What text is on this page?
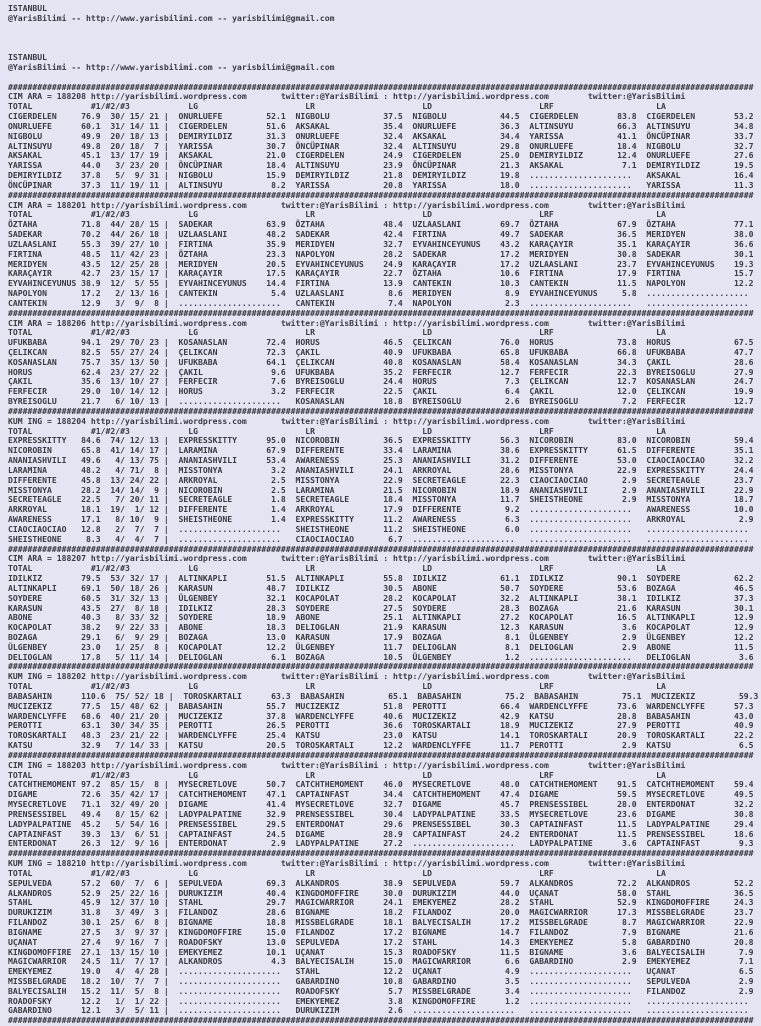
ISTANBUL
@YarisBilimi -- http://www.yarisbilimi.com -- yarisbilimi@gmail.com
ISTANBUL
@YarisBilimi -- http://www.yarisbilimi.com -- yarisbilimi@gmail.com
#########################################################################################################################################################
CIM ARA = 188208 http://yarisbilimi.wordpress.com       twitter:@YarisBilimi : http://yarisbilimi.wordpress.com        twitter:@YarisBilimi
TOTAL            #1/#2/#3            LG                      LR                      LD                      LRF                     LA
CIGERDELEN     76.9  30/ 15/ 21 |  ONURLUEFE         52.1  NIGBOLU           37.5  NIGBOLU           44.5  CIGERDELEN        83.8  CIGERDELEN        53.2
ONURLUEFE      60.1  31/ 14/ 11 |  CIGERDELEN        51.6  AKSAKAL           35.4  ONURLUEFE         36.3  ALTINSUYU         66.3  ALTINSUYU         34.8
NIGBOLU        49.9  20/ 18/ 13 |  DEMIRYILDIZ       31.3  ONURLUEFE         32.4  AKSAKAL           34.4  YARISSA           41.1  ÖNCÜPINAR         33.7
ALTINSUYU      49.8  20/ 18/  7 |  YARISSA           30.7  ÖNCÜPINAR         32.4  ALTINSUYU         29.8  ONURLUEFE         18.4  NIGBOLU           32.7
AKSAKAL        45.1  13/ 17/ 19 |  AKSAKAL           21.0  CIGERDELEN        24.9  CIGERDELEN        25.0  DEMIRYILDIZ       12.4  ONURLUEFE         27.6
YARISSA        44.0   3/ 23/ 20 |  ÖNCÜPINAR         18.4  ALTINSUYU         23.9  ÖNCÜPINAR         21.3  AKSAKAL            7.1  DEMIRYILDIZ       19.5
DEMIRYILDIZ    37.8   5/  9/ 31 |  NIGBOLU           15.9  DEMIRYILDIZ       21.8  DEMIRYILDIZ       19.8  .....................   AKSAKAL           16.4
ÖNCÜPINAR      37.3  11/ 19/ 11 |  ALTINSUYU          8.2  YARISSA           20.8  YARISSA           18.0  .....................   YARISSA           11.3
#########################################################################################################################################################
CIM ARA = 188201 http://yarisbilimi.wordpress.com       twitter:@YarisBilimi : http://yarisbilimi.wordpress.com        twitter:@YarisBilimi
TOTAL            #1/#2/#3            LG                      LR                      LD                      LRF                     LA
ÖZTAHA         71.8  44/ 28/ 15 |  SADEKAR           63.9  ÖZTAHA            48.4  UZLAASLANI        69.7  ÖZTAHA            67.9  ÖZTAHA            77.1
SADEKAR        70.2  44/ 26/ 18 |  UZLAASLANI        48.2  SADEKAR           42.4  FIRTINA           49.7  SADEKAR           36.5  MERIDYEN          38.0
UZLAASLANI     55.3  39/ 27/ 10 |  FIRTINA           35.9  MERIDYEN          32.7  EYVAHINCEYUNUS    43.2  KARAÇAYIR         35.1  KARAÇAYIR         36.6
FIRTINA        48.5  11/ 42/ 23 |  ÖZTAHA            23.3  NAPOLYON          28.2  SADEKAR           17.2  MERIDYEN          30.8  SADEKAR           30.1
MERIDYEN       43.5  12/ 25/ 28 |  MERIDYEN          20.5  EYVAHINCEYUNUS    24.9  KARAÇAYIR         17.2  UZLAASLANI        23.7  EYVAHINCEYUNUS    19.3
KARAÇAYIR      42.7  23/ 15/ 17 |  KARAÇAYIR         17.5  KARAÇAYIR         22.7  ÖZTAHA            10.6  FIRTINA           17.9  FIRTINA           15.7
EYVAHINCEYUNUS 38.9  12/  5/ 55 |  EYVAHINCEYUNUS    14.4  FIRTINA           13.9  CANTEKIN          10.3  CANTEKIN          11.5  NAPOLYON          12.2
NAPOLYON       17.2   2/ 13/ 16 |  CANTEKIN           5.4  UZLAASLANI         8.6  MERIDYEN           8.9  EYVAHINCEYUNUS     5.8  .....................
CANTEKIN       12.9   3/  9/  8 |  .....................   CANTEKIN           7.4  NAPOLYON           2.3  .....................   .....................
#########################################################################################################################################################
CIM ARA = 188206 http://yarisbilimi.wordpress.com       twitter:@YarisBilimi : http://yarisbilimi.wordpress.com        twitter:@YarisBilimi
TOTAL            #1/#2/#3            LG                      LR                      LD                      LRF                     LA
UFUKBABA       94.1  29/ 70/ 23 |  KOSANASLAN        72.4  HORUS             46.5  ÇELIKCAN          76.0  HORUS             73.8  HORUS             67.5
ÇELIKCAN       82.5  55/ 27/ 24 |  ÇELIKCAN          72.3  ÇAKIL             40.9  UFUKBABA          65.8  UFUKBABA          66.8  UFUKBABA          47.7
KOSANASLAN     75.7  35/ 13/ 50 |  UFUKBABA          64.1  ÇELIKCAN          40.8  KOSANASLAN        58.4  KOSANASLAN        34.3  ÇAKIL             28.6
HORUS          62.4  23/ 27/ 22 |  ÇAKIL              9.6  UFUKBABA          35.2  FERFECIR          12.7  FERFECIR          22.3  BYREISOGLU        27.9
ÇAKIL          35.6  13/ 10/ 27 |  FERFECIR           7.6  BYREISOGLU        24.4  HORUS              7.3  ÇELIKCAN          12.7  KOSANASLAN        24.7
FERFECIR       29.0  10/ 14/ 12 |  HORUS              3.2  FERFECIR          22.5  ÇAKIL              6.4  ÇAKIL             12.0  ÇELIKCAN          19.9
BYREISOGLU     21.7   6/ 10/ 13 |  .....................   KOSANASLAN        18.8  BYREISOGLU         2.6  BYREISOGLU         7.2  FERFECIR          12.7
#########################################################################################################################################################
KUM ING = 188204 http://yarisbilimi.wordpress.com       twitter:@YarisBilimi : http://yarisbilimi.wordpress.com        twitter:@YarisBilimi
TOTAL            #1/#2/#3            LG                      LR                      LD                      LRF                     LA
EXPRESSKITTY   84.6  74/ 12/ 13 |  EXPRESSKITTY      95.0  NICOROBIN         36.5  EXPRESSKITTY      56.3  NICOROBIN         83.0  NICOROBIN         59.4
NICOROBIN      65.8  41/ 14/ 17 |  LARAMINA          67.9  DIFFERENTE        33.4  LARAMINA          38.6  EXPRESSKITTY      61.5  DIFFERENTE        35.1
ANANIASHVILI   49.6   4/ 13/ 75 |  ANANIASHVILI      53.4  AWARENESS         25.3  ANANIASHVILI      31.2  DIFFERENTE        53.0  CIAOCIAOCIAO      32.2
LARAMINA       48.2   4/ 71/  8 |  MISSTONYA          3.2  ANANIASHVILI      24.1  ARKROYAL          28.6  MISSTONYA         22.9  EXPRESSKITTY      24.4
DIFFERENTE     45.8  13/ 24/ 22 |  ARKROYAL           2.5  MISSTONYA         22.9  SECRETEAGLE       22.3  CIAOCIAOCIAO       2.9  SECRETEAGLE       23.7
MISSTONYA      28.2  14/ 14/  9 |  NICOROBIN          2.5  LARAMINA          21.5  NICOROBIN         18.9  ANANIASHVILI       2.9  ANANIASHVILI      22.9
SECRETEAGLE    22.5   7/ 20/ 11 |  SECRETEAGLE        1.8  SECRETEAGLE       18.4  MISSTONYA         11.7  SHEISTHEONE        2.9  MISSTONYA         18.7
ARKROYAL       18.1  19/  1/ 12 |  DIFFERENTE         1.4  ARKROYAL          17.9  DIFFERENTE         9.2  .....................   AWARENESS         10.0
AWARENESS      17.1   8/ 10/  9 |  SHEISTHEONE        1.4  EXPRESSKITTY      11.2  AWARENESS          6.3  .....................   ARKROYAL           2.9
CIAOCIAOCIAO   12.8   2/  7/  7 |  .....................   SHEISTHEONE       11.2  SHEISTHEONE        6.0  .....................   .....................
SHEISTHEONE     8.3   4/  4/  7 |  .....................   CIAOCIAOCIAO       6.7  .....................   .....................   .....................
#########################################################################################################################################################
CIM ARA = 188207 http://yarisbilimi.wordpress.com       twitter:@YarisBilimi : http://yarisbilimi.wordpress.com        twitter:@YarisBilimi
TOTAL            #1/#2/#3            LG                      LR                      LD                      LRF                     LA
IDILKIZ        79.5  53/ 32/ 17 |  ALTINKAPLI        51.5  ALTINKAPLI        55.8  IDILKIZ           61.1  IDILKIZ           90.1  SOYDERE           62.2
ALTINKAPLI     69.1  50/ 18/ 26 |  KARASUN           48.7  IDILKIZ           30.5  ABONE             50.7  SOYDERE           53.6  BOZAGA            46.5
SOYDERE        60.5  31/ 32/ 13 |  ÜLGENBEY          32.1  KOCAPOLAT         28.2  KOCAPOLAT         32.2  ALTINKAPLI        38.1  IDILKIZ           37.3
KARASUN        43.5  27/  8/ 18 |  IDILKIZ           28.3  SOYDERE           27.5  SOYDERE           28.3  BOZAGA            21.6  KARASUN           30.1
ABONE          40.3   8/ 33/ 32 |  SOYDERE           18.9  ABONE             25.1  ALTINKAPLI        27.2  KOCAPOLAT         16.5  ALTINKAPLI        12.9
KOCAPOLAT      38.2   9/ 22/ 33 |  ABONE             18.3  DELIOGLAN         21.9  KARASUN           12.3  KARASUN            3.6  KOCAPOLAT         12.9
BOZAGA         29.1   6/  9/ 29 |  BOZAGA            13.0  KARASUN           17.9  BOZAGA             8.1  ÜLGENBEY           2.9  ÜLGENBEY          12.2
ÜLGENBEY       23.0   1/ 25/  8 |  KOCAPOLAT         12.2  ÜLGENBEY          11.7  DELIOGLAN          8.1  DELIOGLAN          2.9  ABONE             11.5
DELIOGLAN      17.8   5/ 11/ 14 |  DELIOGLAN          6.1  BOZAGA            10.5  ÜLGENBEY           1.2  .....................   DELIOGLAN          3.6
#########################################################################################################################################################
KUM ING = 188202 http://yarisbilimi.wordpress.com       twitter:@YarisBilimi : http://yarisbilimi.wordpress.com        twitter:@YarisBilimi
TOTAL            #1/#2/#3            LG                      LR                      LD                      LRF                     LA
BABASAHIN      110.6  75/ 52/ 18 |  TOROSKARTALI      63.3  BABASAHIN         65.1  BABASAHIN         75.2  BABASAHIN         75.1  MUCIZEKIZ         59.3
MUCIZEKIZ      77.5  15/ 48/ 62 |  BABASAHIN         55.7  MUCIZEKIZ         51.8  PEROTTI           66.4  WARDENCLYFFE      73.6  WARDENCLYFFE      57.3
WARDENCLYFFE   68.6  40/ 21/ 20 |  MUCIZEKIZ         37.8  WARDENCLYFFE      40.6  MUCIZEKIZ         42.9  KATSU             28.8  BABASAHIN         43.0
PEROTTI        63.1  30/ 34/ 35 |  PEROTTI           26.5  PEROTTI           36.6  TOROSKARTALI      18.9  MUCIZEKIZ         27.9  PEROTTI           40.9
TOROSKARTALI   48.3  23/ 21/ 22 |  WARDENCLYFFE      25.4  KATSU             23.0  KATSU             14.1  TOROSKARTALI      20.9  TOROSKARTALI      22.2
KATSU          32.9   7/ 14/ 33 |  KATSU             20.5  TOROSKARTALI      12.2  WARDENCLYFFE      11.7  PEROTTI            2.9  KATSU              6.5
#########################################################################################################################################################
CIM ING = 188203 http://yarisbilimi.wordpress.com       twitter:@YarisBilimi : http://yarisbilimi.wordpress.com        twitter:@YarisBilimi
TOTAL            #1/#2/#3            LG                      LR                      LD                      LRF                     LA
CATCHTHEMOMENT 97.2  85/ 15/  8 |  MYSECRETLOVE      50.7  CATCHTHEMOMENT    46.0  MYSECRETLOVE      48.0  CATCHTHEMOMENT    91.5  CATCHTHEMOMENT    59.4
DIGAME         72.6  35/ 42/ 17 |  CATCHTHEMOMENT    47.1  CAPTAINFAST       34.4  CATCHTHEMOMENT    47.4  DIGAME            59.5  MYSECRETLOVE      49.5
MYSECRETLOVE   71.1  32/ 49/ 20 |  DIGAME            41.4  MYSECRETLOVE      32.7  DIGAME            45.7  PRENSESSIBEL      28.0  ENTERDONAT        32.2
PRENSESSIBEL   49.4   8/ 15/ 62 |  LADYPALPATINE     32.9  PRENSESSIBEL      30.4  LADYPALPATINE     33.5  MYSECRETLOVE      23.6  DIGAME            30.8
LADYPALPATINE  45.2   5/ 54/ 16 |  PRENSESSIBEL      29.5  ENTERDONAT        29.6  PRENSESSIBEL      30.3  CAPTAINFAST       11.5  LADYPALPATINE     29.4
CAPTAINFAST    39.3  13/  6/ 51 |  CAPTAINFAST       24.5  DIGAME            28.9  CAPTAINFAST       24.2  ENTERDONAT        11.5  PRENSESSIBEL      18.6
ENTERDONAT     26.3  12/  9/ 16 |  ENTERDONAT         2.9  LADYPALPATINE     27.2  .....................   LADYPALPATINE      3.6  CAPTAINFAST        9.3
#########################################################################################################################################################
KUM ING = 188210 http://yarisbilimi.wordpress.com       twitter:@YarisBilimi : http://yarisbilimi.wordpress.com        twitter:@YarisBilimi
TOTAL            #1/#2/#3            LG                      LR                      LD                      LRF                     LA
SEPULVEDA      57.2  60/  7/  6 |  SEPULVEDA         69.3  ALKANDROS         38.9  SEPULVEDA         59.7  ALKANDROS         72.2  ALKANDROS         52.2
ALKANDROS      52.9  25/ 22/ 16 |  DURUKIZIM         40.4  KINGDOMOFFIRE     30.0  DURUKIZIM         44.0  UÇANAT            58.0  STAHL             36.5
STAHL          45.9  12/ 37/ 10 |  STAHL             29.7  MAGICWARRIOR      24.1  EMEKYEMEZ         28.2  STAHL             52.9  KINGDOMOFFIRE     24.3
DURUKIZIM      31.8   3/ 49/  3 |  FILANDOZ          28.6  BIGNAME           18.2  FILANDOZ          20.0  MAGICWARRIOR      17.3  MISSBELGRADE      23.7
FILANDOZ       30.1  25/  6/  8 |  BIGNAME           18.8  MISSBELGRADE      18.1  BALYECISALIH      17.2  MISSBELGRADE       8.7  MAGICWARRIOR      22.9
BIGNAME        27.5   3/  9/ 37 |  KINGDOMOFFIRE     15.0  FILANDOZ          17.2  BIGNAME           14.7  FILANDOZ           7.9  BIGNAME           21.6
UÇANAT         27.4   9/ 16/  7 |  ROADOFSKY         13.0  SEPULVEDA         17.2  STAHL             14.3  EMEKYEMEZ          5.8  GABARDINO         20.8
KINGDOMOFFIRE  27.1  13/ 15/ 10 |  EMEKYEMEZ         10.1  UÇANAT            15.3  ROADOFSKY         11.5  BIGNAME            3.6  BALYECISALIH       7.9
MAGICWARRIOR   24.5  11/  7/ 17 |  ALKANDROS          4.3  BALYECISALIH      15.0  MAGICWARRIOR       6.6  GABARDINO          2.9  EMEKYEMEZ          7.1
EMEKYEMEZ      19.0   4/  4/ 28 |  .....................   STAHL             12.2  UÇANAT             4.9  .....................   UÇANAT             6.5
MISSBELGRADE   18.2  10/  7/  7 |  .....................   GABARDINO         10.8  GABARDINO          3.5  .....................   SEPULVEDA          2.9
BALYECISALIH   15.2  11/  5/  8 |  .....................   ROADOFSKY          5.7  MISSBELGRADE       3.4  .....................   FILANDOZ           2.9
ROADOFSKY      12.2   1/  1/ 22 |  .....................   EMEKYEMEZ          3.8  KINGDOMOFFIRE      1.2  .....................   .....................
GABARDINO      12.1   3/  5/ 11 |  .....................   DURUKIZIM          2.6  .....................   .....................   .....................
#########################################################################################################################################################
